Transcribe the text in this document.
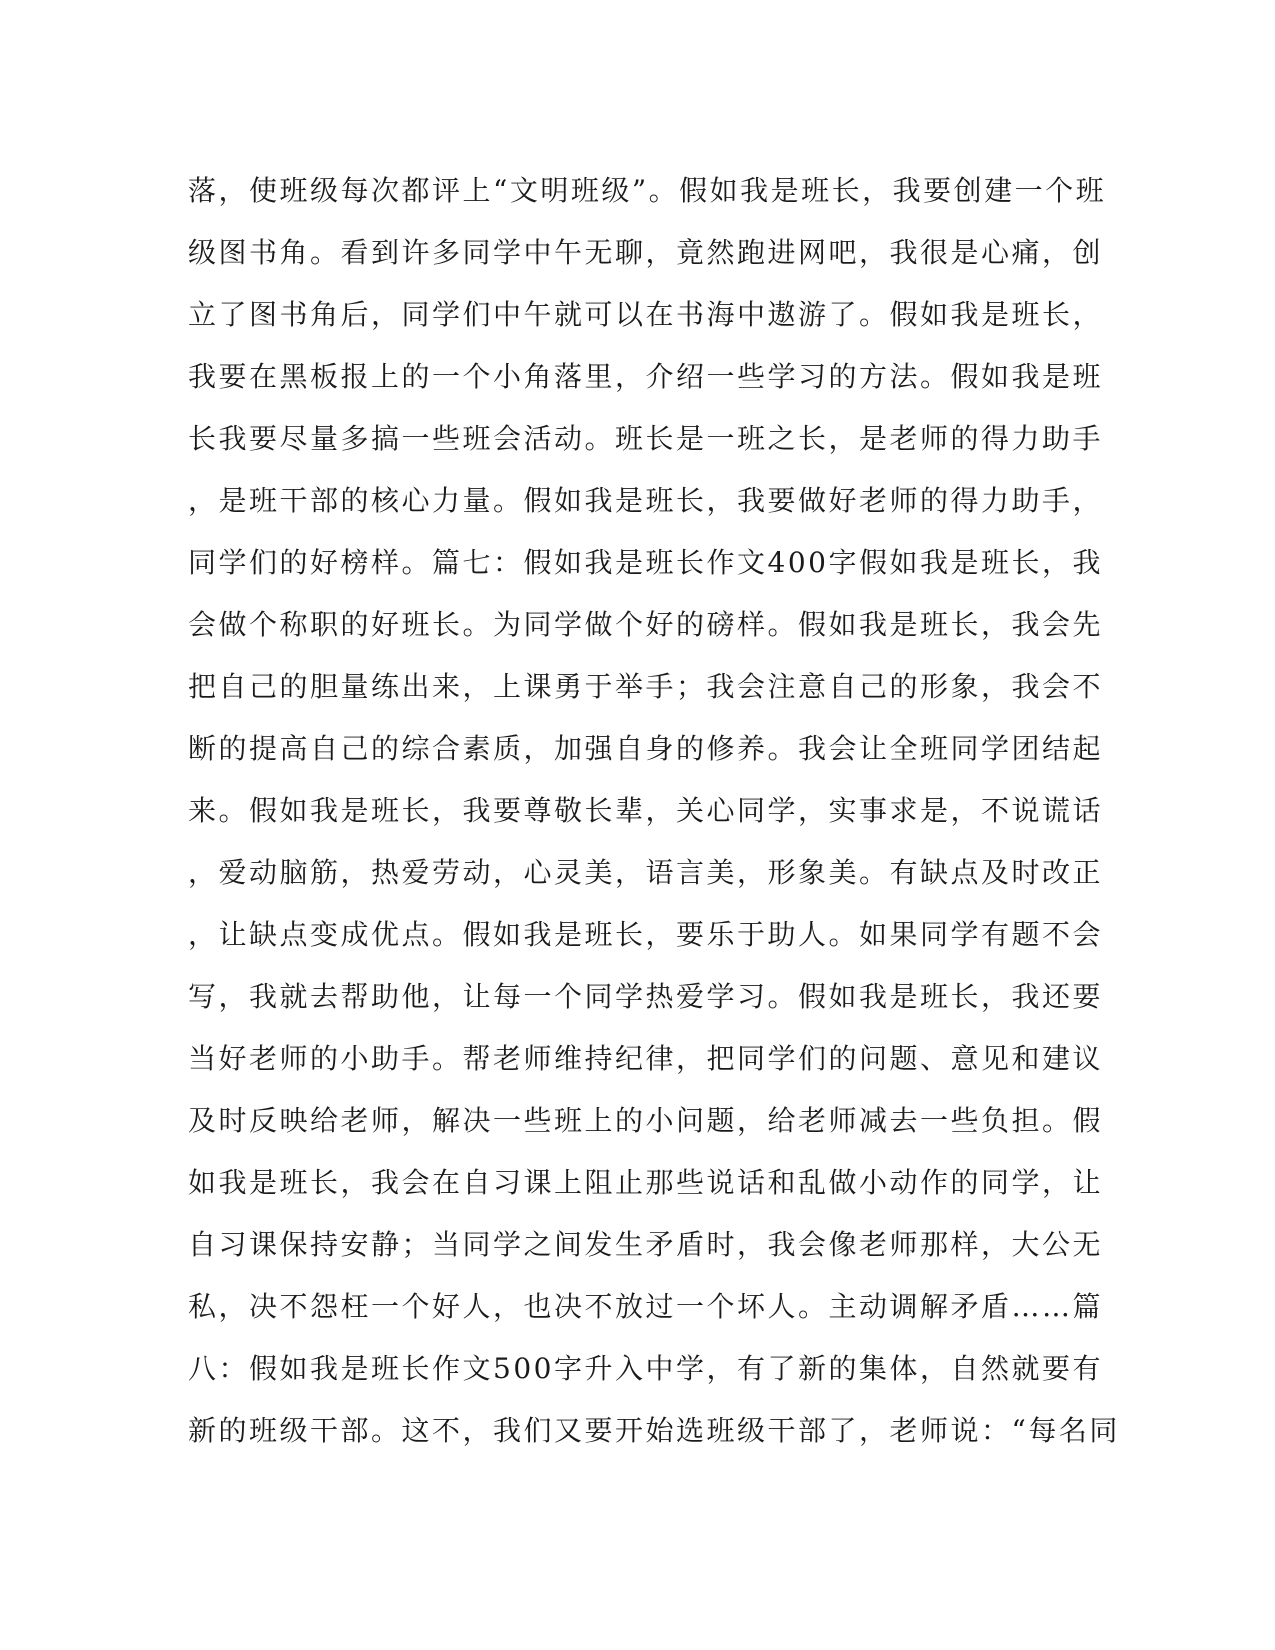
落，使班级每次都评上“文明班级”。假如我是班长，我要创建一个班
级图书角。看到许多同学中午无聊，竟然跑进网吧，我很是心痛，创
立了图书角后，同学们中午就可以在书海中遨游了。假如我是班长，
我要在黑板报上的一个小角落里，介绍一些学习的方法。假如我是班
长我要尽量多搞一些班会活动。班长是一班之长，是老师的得力助手
，是班干部的核心力量。假如我是班长，我要做好老师的得力助手，
同学们的好榜样。篇七：假如我是班长作文400字假如我是班长，我
会做个称职的好班长。为同学做个好的磅样。假如我是班长，我会先
把自己的胆量练出来，上课勇于举手；我会注意自己的形象，我会不
断的提高自己的综合素质，加强自身的修养。我会让全班同学团结起
来。假如我是班长，我要尊敬长辈，关心同学，实事求是，不说谎话
，爱动脑筋，热爱劳动，心灵美，语言美，形象美。有缺点及时改正
，让缺点变成优点。假如我是班长，要乐于助人。如果同学有题不会
写，我就去帮助他，让每一个同学热爱学习。假如我是班长，我还要
当好老师的小助手。帮老师维持纪律，把同学们的问题、意见和建议
及时反映给老师，解决一些班上的小问题，给老师减去一些负担。假
如我是班长，我会在自习课上阻止那些说话和乱做小动作的同学，让
自习课保持安静；当同学之间发生矛盾时，我会像老师那样，大公无
私，决不怨枉一个好人，也决不放过一个坏人。主动调解矛盾……篇
八：假如我是班长作文500字升入中学，有了新的集体，自然就要有
新的班级干部。这不，我们又要开始选班级干部了，老师说：“每名同
